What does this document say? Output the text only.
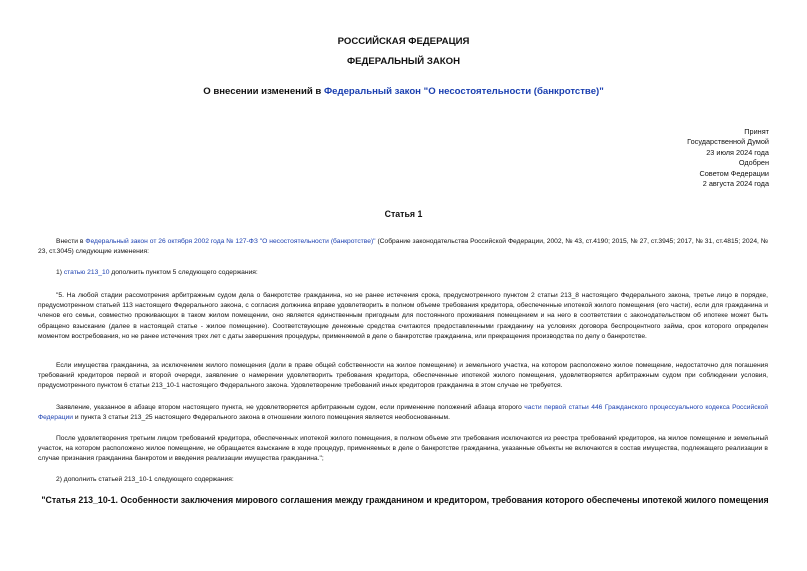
РОССИЙСКАЯ ФЕДЕРАЦИЯ
ФЕДЕРАЛЬНЫЙ ЗАКОН
О внесении изменений в Федеральный закон "О несостоятельности (банкротстве)"
Принят
Государственной Думой
23 июля 2024 года
Одобрен
Советом Федерации
2 августа 2024 года
Статья 1

Внести в Федеральный закон от 26 октября 2002 года № 127-ФЗ "О несостоятельности (банкротстве)" (Собрание законодательства Российской Федерации, 2002, № 43, ст.4190; 2015, № 27, ст.3945; 2017, № 31, ст.4815; 2024, № 23, ст.3045) следующие изменения:

1) статью 213_10 дополнить пунктом 5 следующего содержания:

"5. На любой стадии рассмотрения арбитражным судом дела о банкротстве гражданина, но не ранее истечения срока, предусмотренного пунктом 2 статьи 213_8 настоящего Федерального закона, третье лицо в порядке, предусмотренном статьей 113 настоящего Федерального закона, с согласия должника вправе удовлетворить в полном объеме требования кредитора, обеспеченные ипотекой жилого помещения (его части), если для гражданина и членов его семьи, совместно проживающих в таком жилом помещении, оно является единственным пригодным для постоянного проживания помещением и на него в соответствии с законодательством об ипотеке может быть обращено взыскание (далее в настоящей статье - жилое помещение). Соответствующие денежные средства считаются предоставленными гражданину на условиях договора беспроцентного займа, срок которого определен моментом востребования, но не ранее истечения трех лет с даты завершения процедуры, применяемой в деле о банкротстве гражданина, или прекращения производства по делу о банкротстве.

Если имущества гражданина, за исключением жилого помещения (доли в праве общей собственности на жилое помещение) и земельного участка, на котором расположено жилое помещение, недостаточно для погашения требований кредиторов первой и второй очереди, заявление о намерении удовлетворить требования кредитора, обеспеченные ипотекой жилого помещения, удовлетворяется арбитражным судом при соблюдении условия, предусмотренного пунктом 6 статьи 213_10-1 настоящего Федерального закона. Удовлетворение требований иных кредиторов гражданина в этом случае не требуется.

Заявление, указанное в абзаце втором настоящего пункта, не удовлетворяется арбитражным судом, если применение положений абзаца второго части первой статьи 446 Гражданского процессуального кодекса Российской Федерации и пункта 3 статьи 213_25 настоящего Федерального закона в отношении жилого помещения является необоснованным.

После удовлетворения третьим лицом требований кредитора, обеспеченных ипотекой жилого помещения, в полном объеме эти требования исключаются из реестра требований кредиторов, на жилое помещение и земельный участок, на котором расположено жилое помещение, не обращается взыскание в ходе процедур, применяемых в деле о банкротстве гражданина, указанные объекты не включаются в состав имущества, подлежащего реализации в случае признания гражданина банкротом и введения реализации имущества гражданина.";

2) дополнить статьей 213_10-1 следующего содержания:
"Статья 213_10-1. Особенности заключения мирового соглашения между гражданином и кредитором, требования которого обеспечены ипотекой жилого помещения
